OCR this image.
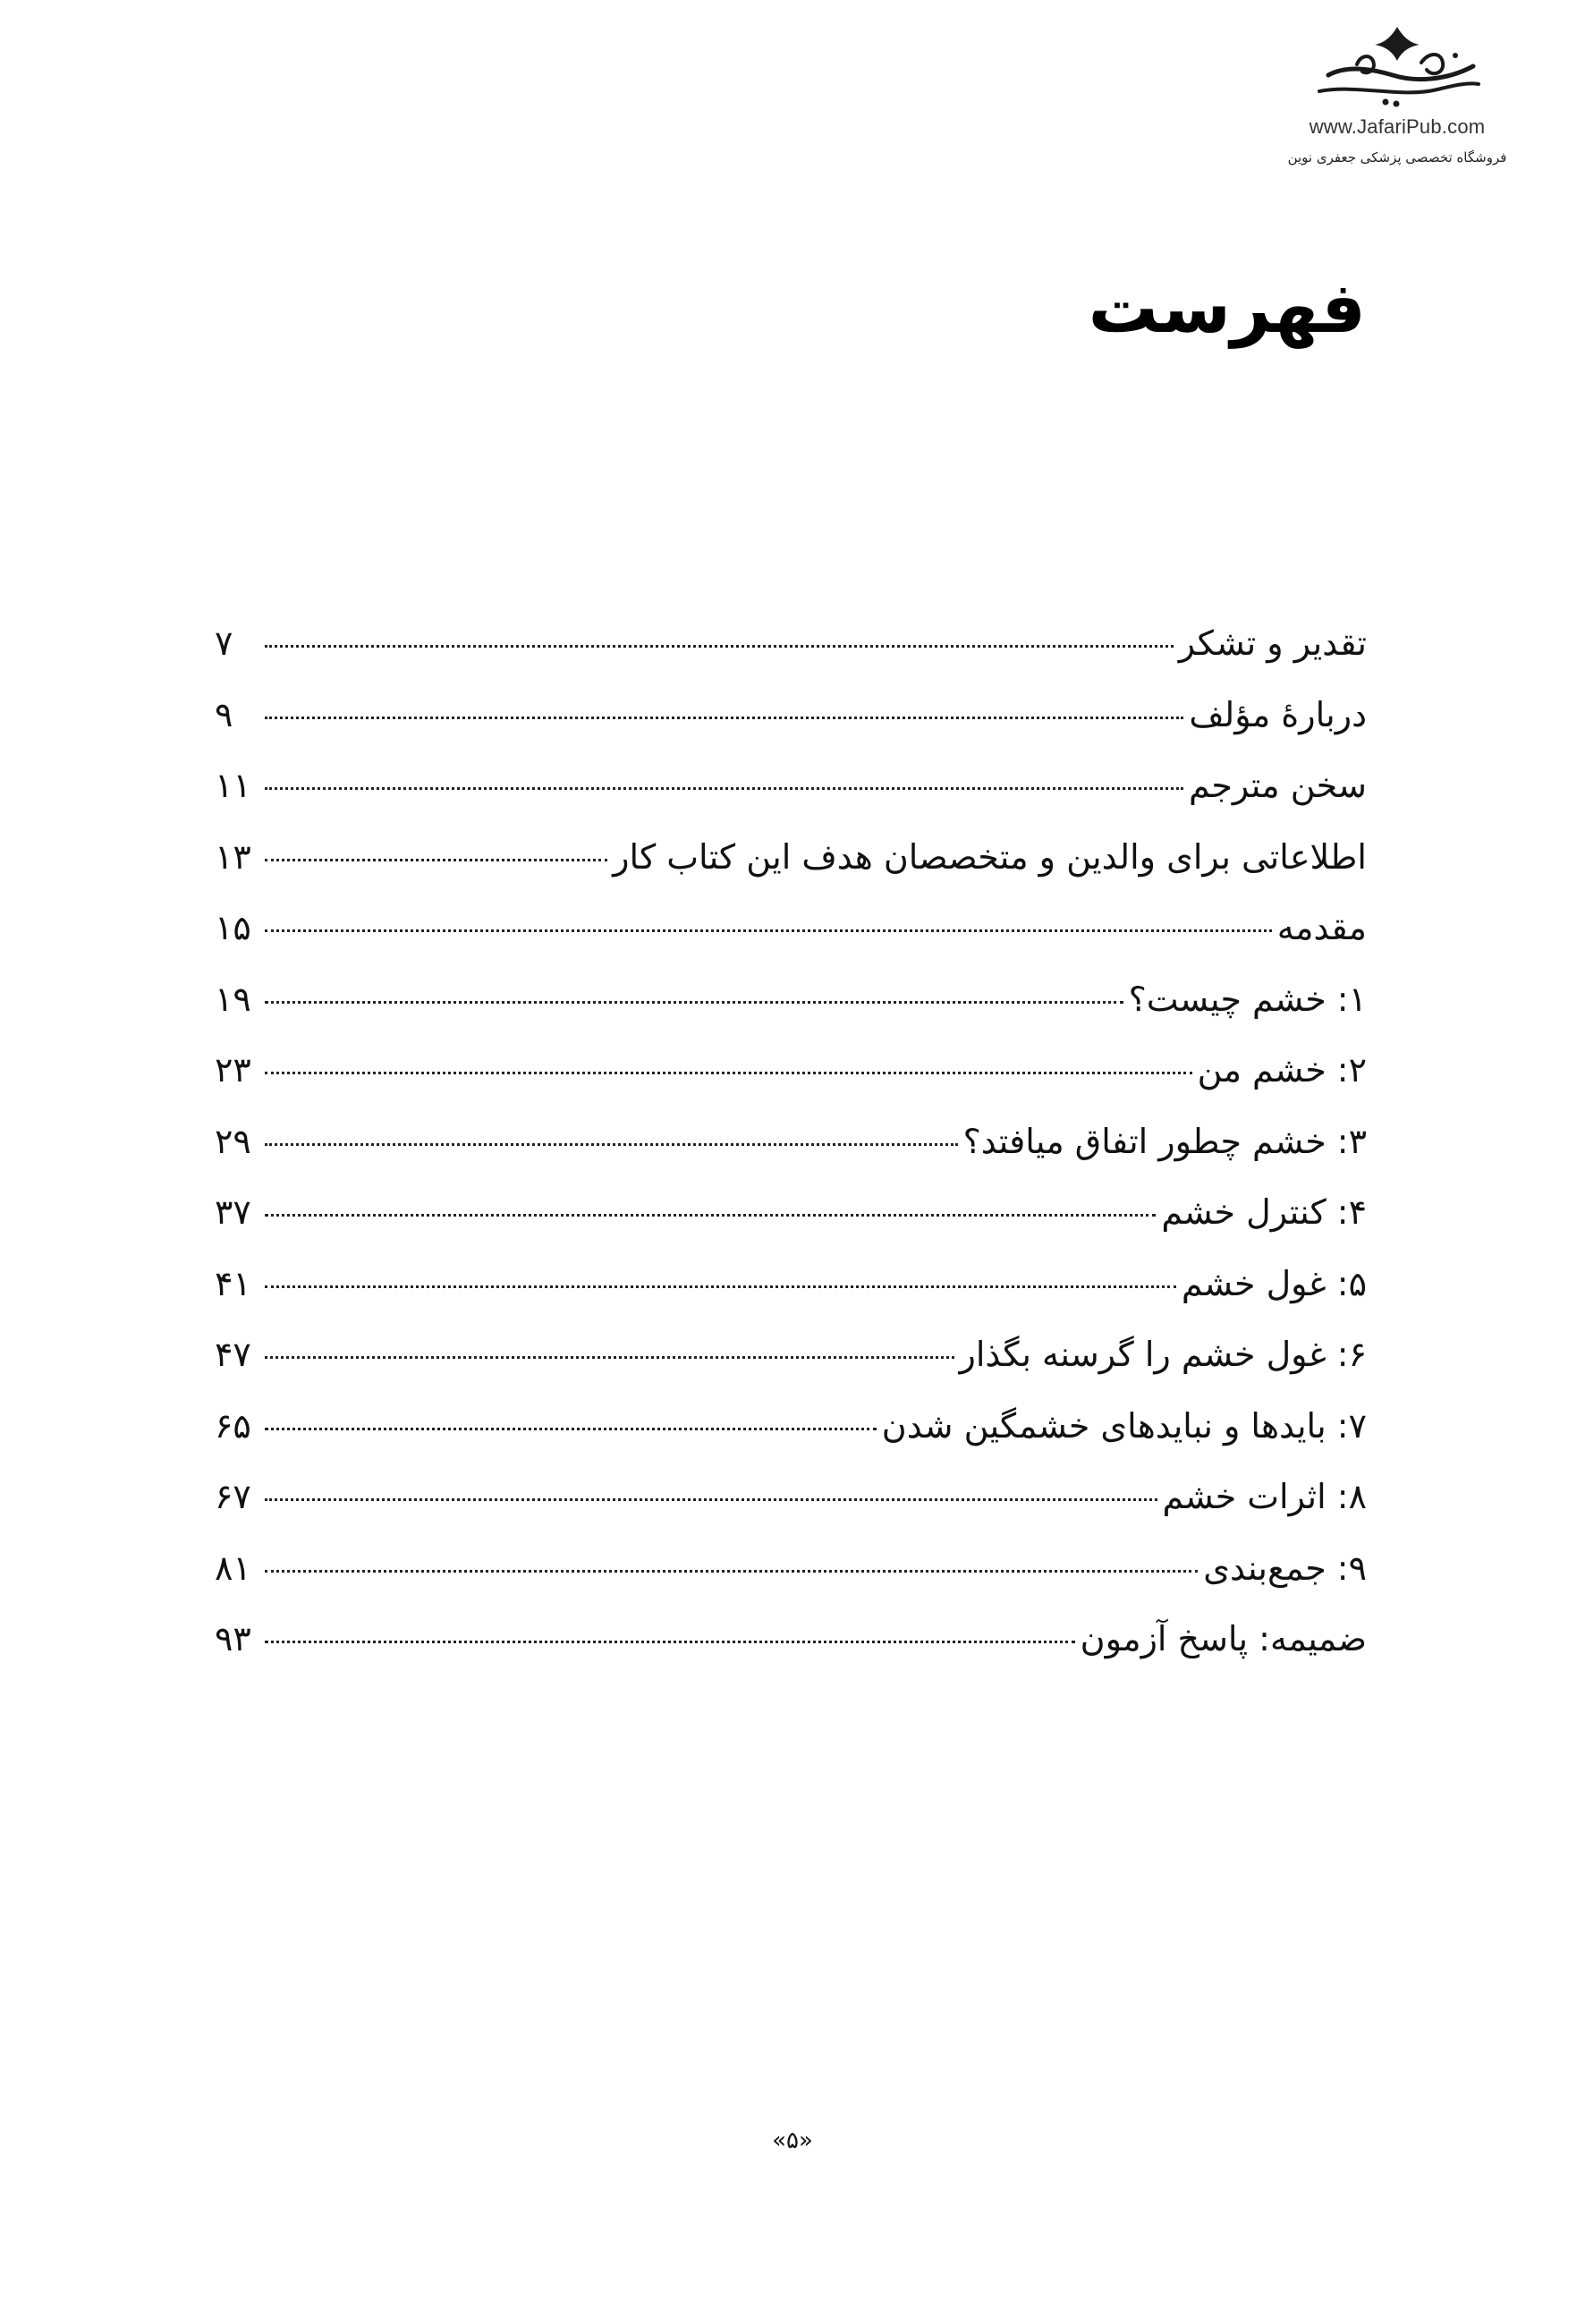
www.JafariPub.com
فروشگاه تخصصی پزشکی جعفری نوین
فهرست
تقدیر و تشکر
۷
دربارهٔ مؤلف
۹
سخن مترجم
۱۱
اطلاعاتی برای والدین و متخصصان هدف این کتاب کار
۱۳
مقدمه
۱۵
۱: خشم چیست؟
۱۹
۲: خشم من
۲۳
۳: خشم چطور اتفاق میافتد؟
۲۹
۴: کنترل خشم
۳۷
۵: غول خشم
۴۱
۶: غول خشم را گرسنه بگذار
۴۷
۷: بایدها و نبایدهای خشمگین شدن
۶۵
۸: اثرات خشم
۶۷
۹: جمع‌بندی
۸۱
ضمیمه: پاسخ آزمون
۹۳
«۵»
